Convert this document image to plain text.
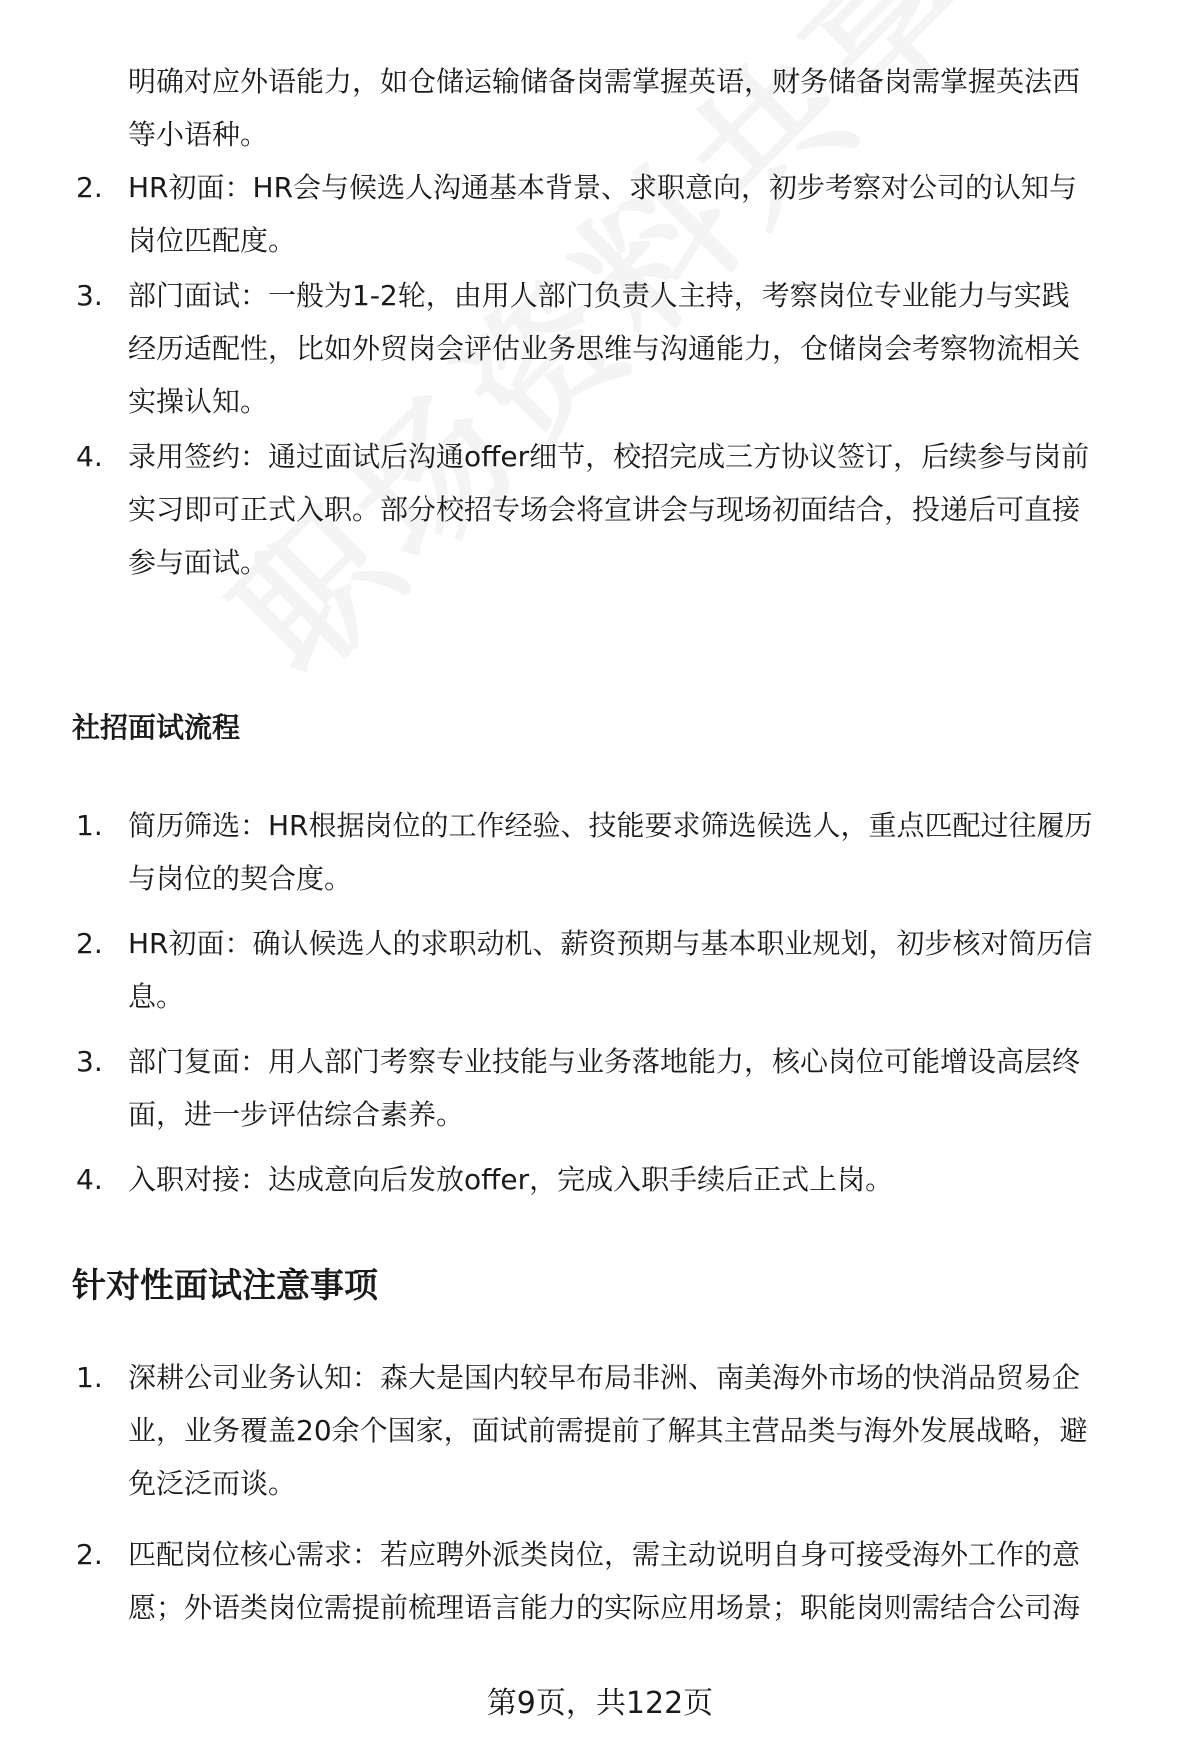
明确对应外语能力，如仓储运输储备岗需掌握英语，财务储备岗需掌握英法西
等小语种。
2. HR初面：HR会与候选人沟通基本背景、求职意向，初步考察对公司的认知与
岗位匹配度。
3. 部门面试：一般为1-2轮，由用人部门负责人主持，考察岗位专业能力与实践
经历适配性，比如外贸岗会评估业务思维与沟通能力，仓储岗会考察物流相关
实操认知。
4. 录用签约：通过面试后沟通offer细节，校招完成三方协议签订，后续参与岗前
实习即可正式入职。部分校招专场会将宣讲会与现场初面结合，投递后可直接
参与面试。
社招面试流程
1. 简历筛选：HR根据岗位的工作经验、技能要求筛选候选人，重点匹配过往履历
与岗位的契合度。
2. HR初面：确认候选人的求职动机、薪资预期与基本职业规划，初步核对简历信
息。
3. 部门复面：用人部门考察专业技能与业务落地能力，核心岗位可能增设高层终
面，进一步评估综合素养。
4. 入职对接：达成意向后发放offer，完成入职手续后正式上岗。
针对性面试注意事项
1. 深耕公司业务认知：森大是国内较早布局非洲、南美海外市场的快消品贸易企
业，业务覆盖20余个国家，面试前需提前了解其主营品类与海外发展战略，避
免泛泛而谈。
2. 匹配岗位核心需求：若应聘外派类岗位，需主动说明自身可接受海外工作的意
愿；外语类岗位需提前梳理语言能力的实际应用场景；职能岗则需结合公司海
第9页，共122页
